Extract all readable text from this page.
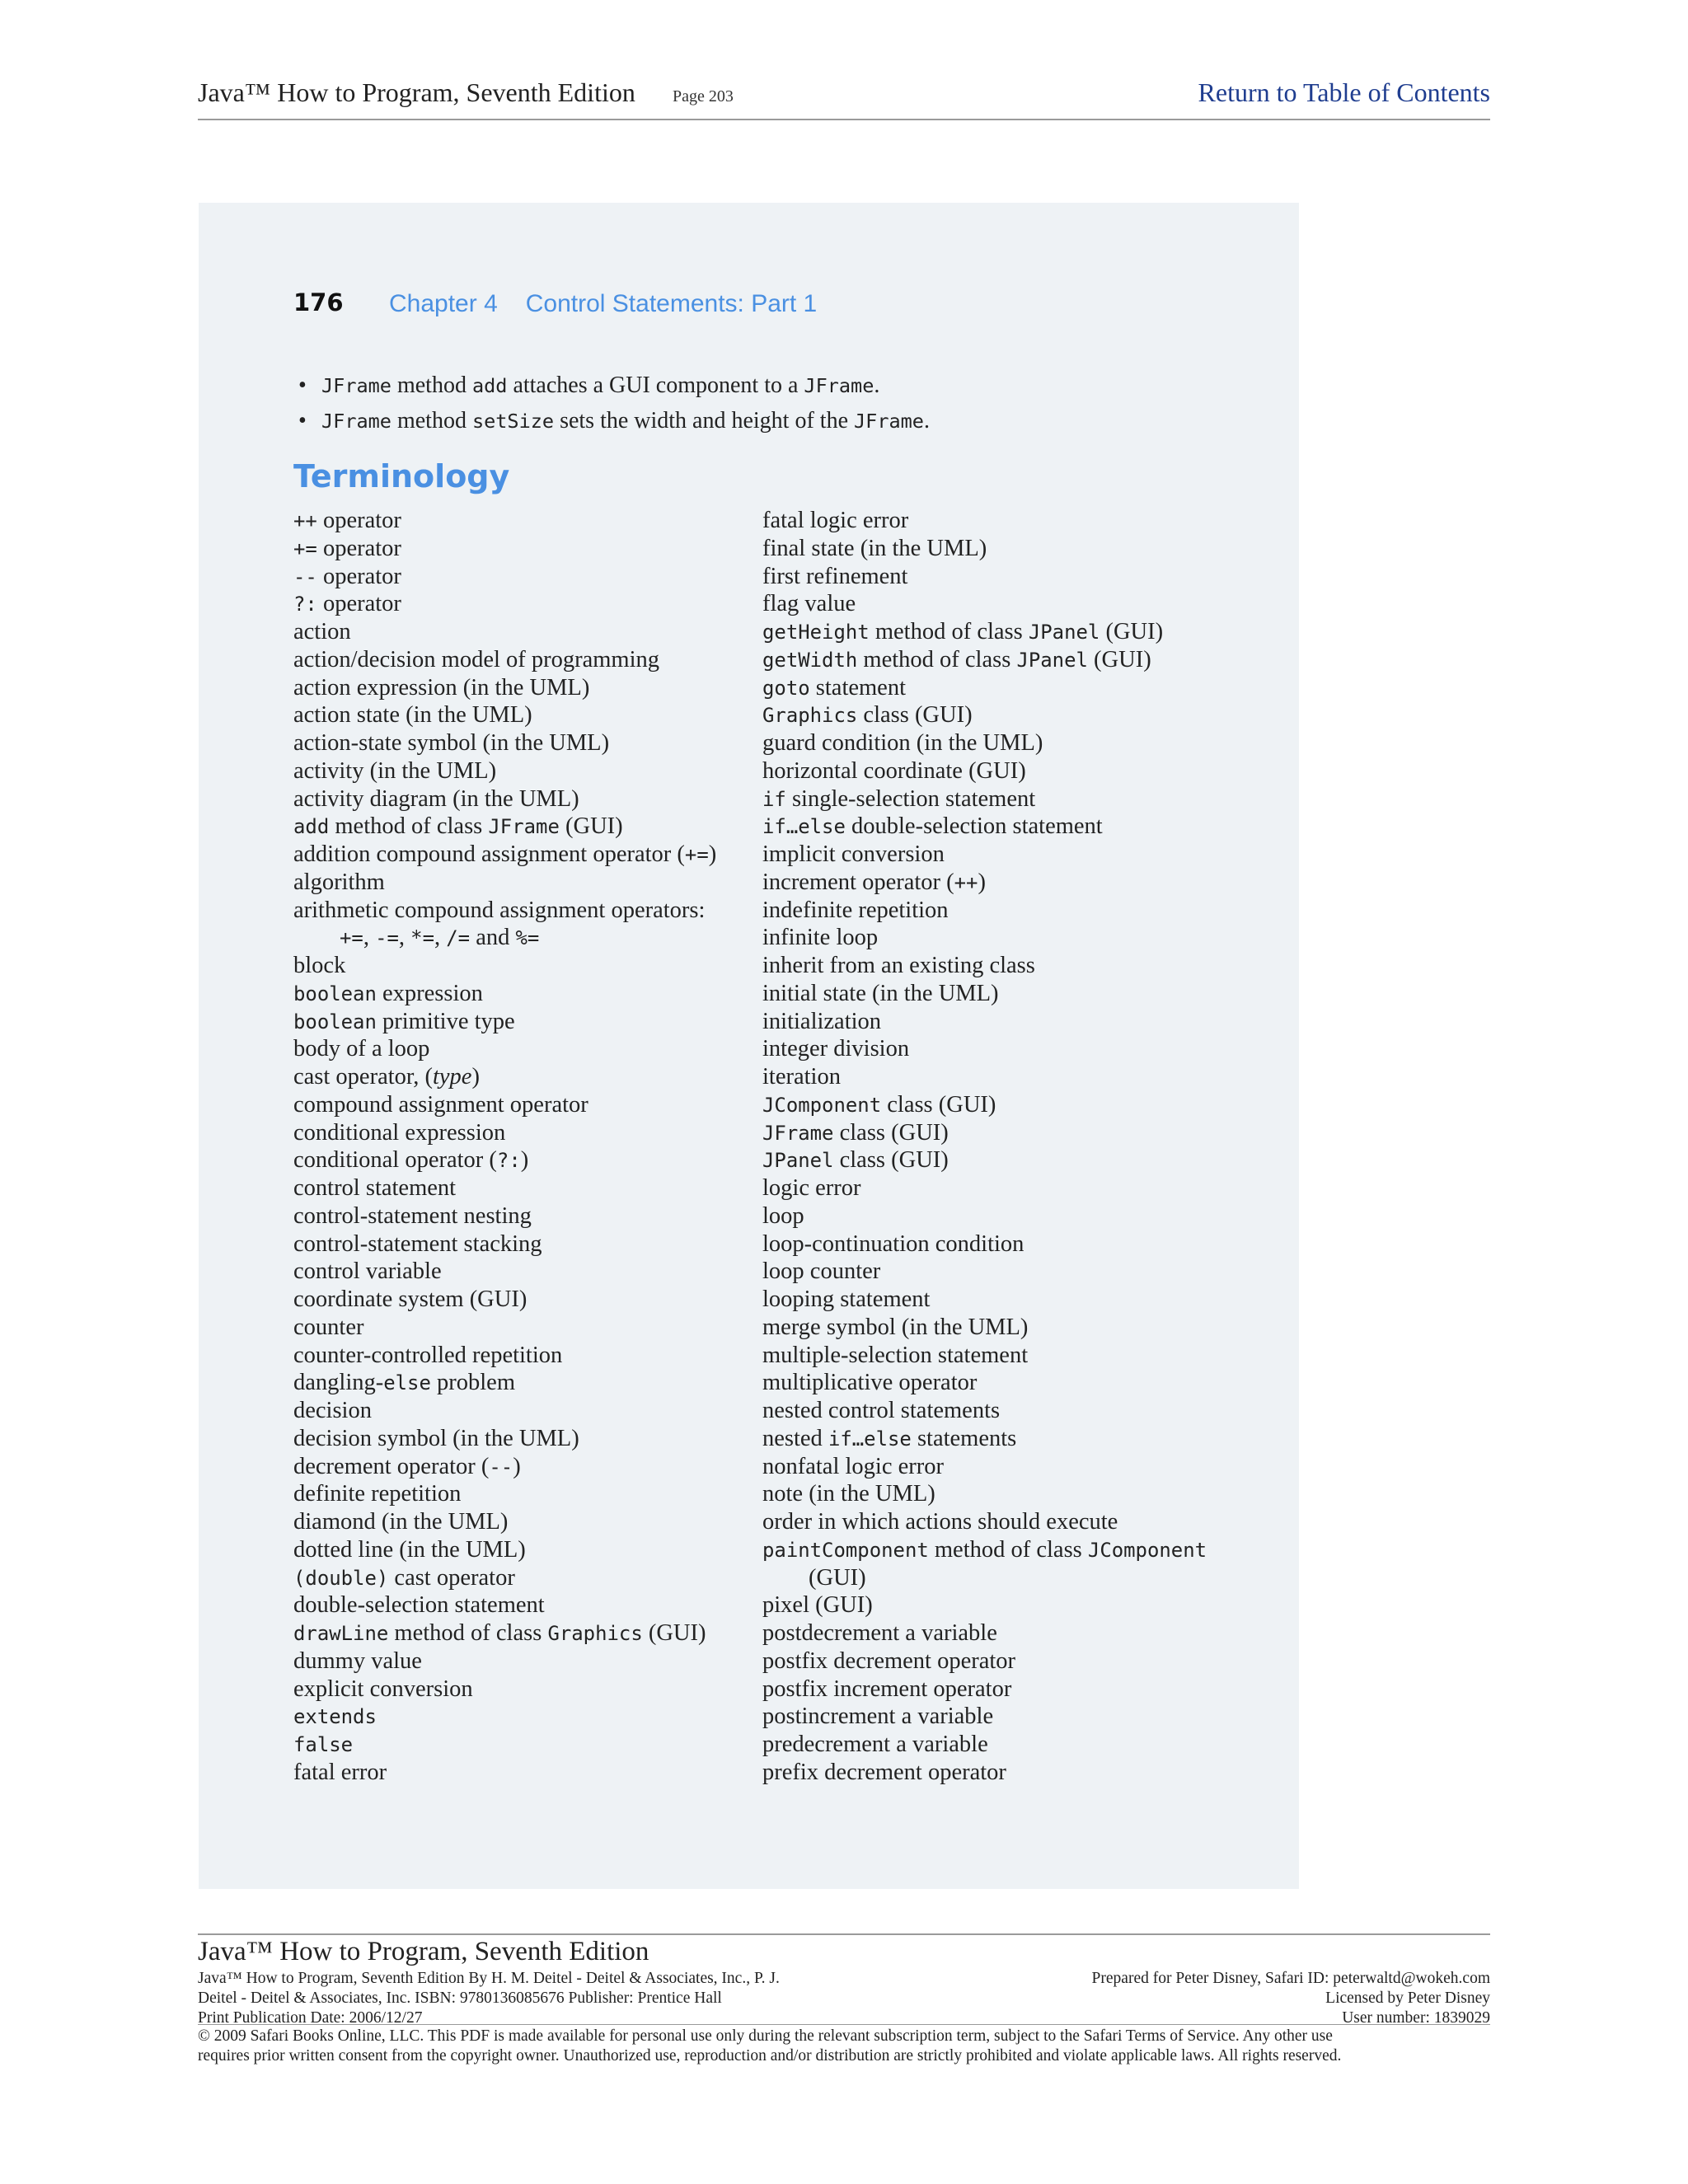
Java™ How to Program, Seventh Edition Page 203	Return to Table of Contents
176 Chapter 4 Control Statements: Part 1
• JFrame method add attaches a GUI component to a JFrame.
• JFrame method setSize sets the width and height of the JFrame.
Terminology
++ operator
+= operator
-- operator
?: operator
action
action/decision model of programming
action expression (in the UML)
action state (in the UML)
action-state symbol (in the UML)
activity (in the UML)
activity diagram (in the UML)
add method of class JFrame (GUI)
addition compound assignment operator (+=)
algorithm
arithmetic compound assignment operators:
+=, -=, *=, /= and %=
block
boolean expression
boolean primitive type
body of a loop
cast operator, (type)
compound assignment operator
conditional expression
conditional operator (?:)
control statement
control-statement nesting
control-statement stacking
control variable
coordinate system (GUI)
counter
counter-controlled repetition
dangling-else problem
decision
decision symbol (in the UML)
decrement operator (--)
definite repetition
diamond (in the UML)
dotted line (in the UML)
(double) cast operator
double-selection statement
drawLine method of class Graphics (GUI)
dummy value
explicit conversion
extends
false
fatal error
fatal logic error
final state (in the UML)
first refinement
flag value
getHeight method of class JPanel (GUI)
getWidth method of class JPanel (GUI)
goto statement
Graphics class (GUI)
guard condition (in the UML)
horizontal coordinate (GUI)
if single-selection statement
if…else double-selection statement
implicit conversion
increment operator (++)
indefinite repetition
infinite loop
inherit from an existing class
initial state (in the UML)
initialization
integer division
iteration
JComponent class (GUI)
JFrame class (GUI)
JPanel class (GUI)
logic error
loop
loop-continuation condition
loop counter
looping statement
merge symbol (in the UML)
multiple-selection statement
multiplicative operator
nested control statements
nested if…else statements
nonfatal logic error
note (in the UML)
order in which actions should execute
paintComponent method of class JComponent
(GUI)
pixel (GUI)
postdecrement a variable
postfix decrement operator
postfix increment operator
postincrement a variable
predecrement a variable
prefix decrement operator
Java™ How to Program, Seventh Edition
Java™ How to Program, Seventh Edition By H. M. Deitel - Deitel & Associates, Inc., P. J.
Deitel - Deitel & Associates, Inc. ISBN: 9780136085676 Publisher: Prentice Hall
Print Publication Date: 2006/12/27
Prepared for Peter Disney, Safari ID: peterwaltd@wokeh.com
Licensed by Peter Disney
User number: 1839029
© 2009 Safari Books Online, LLC. This PDF is made available for personal use only during the relevant subscription term, subject to the Safari Terms of Service. Any other use
requires prior written consent from the copyright owner. Unauthorized use, reproduction and/or distribution are strictly prohibited and violate applicable laws. All rights reserved.
